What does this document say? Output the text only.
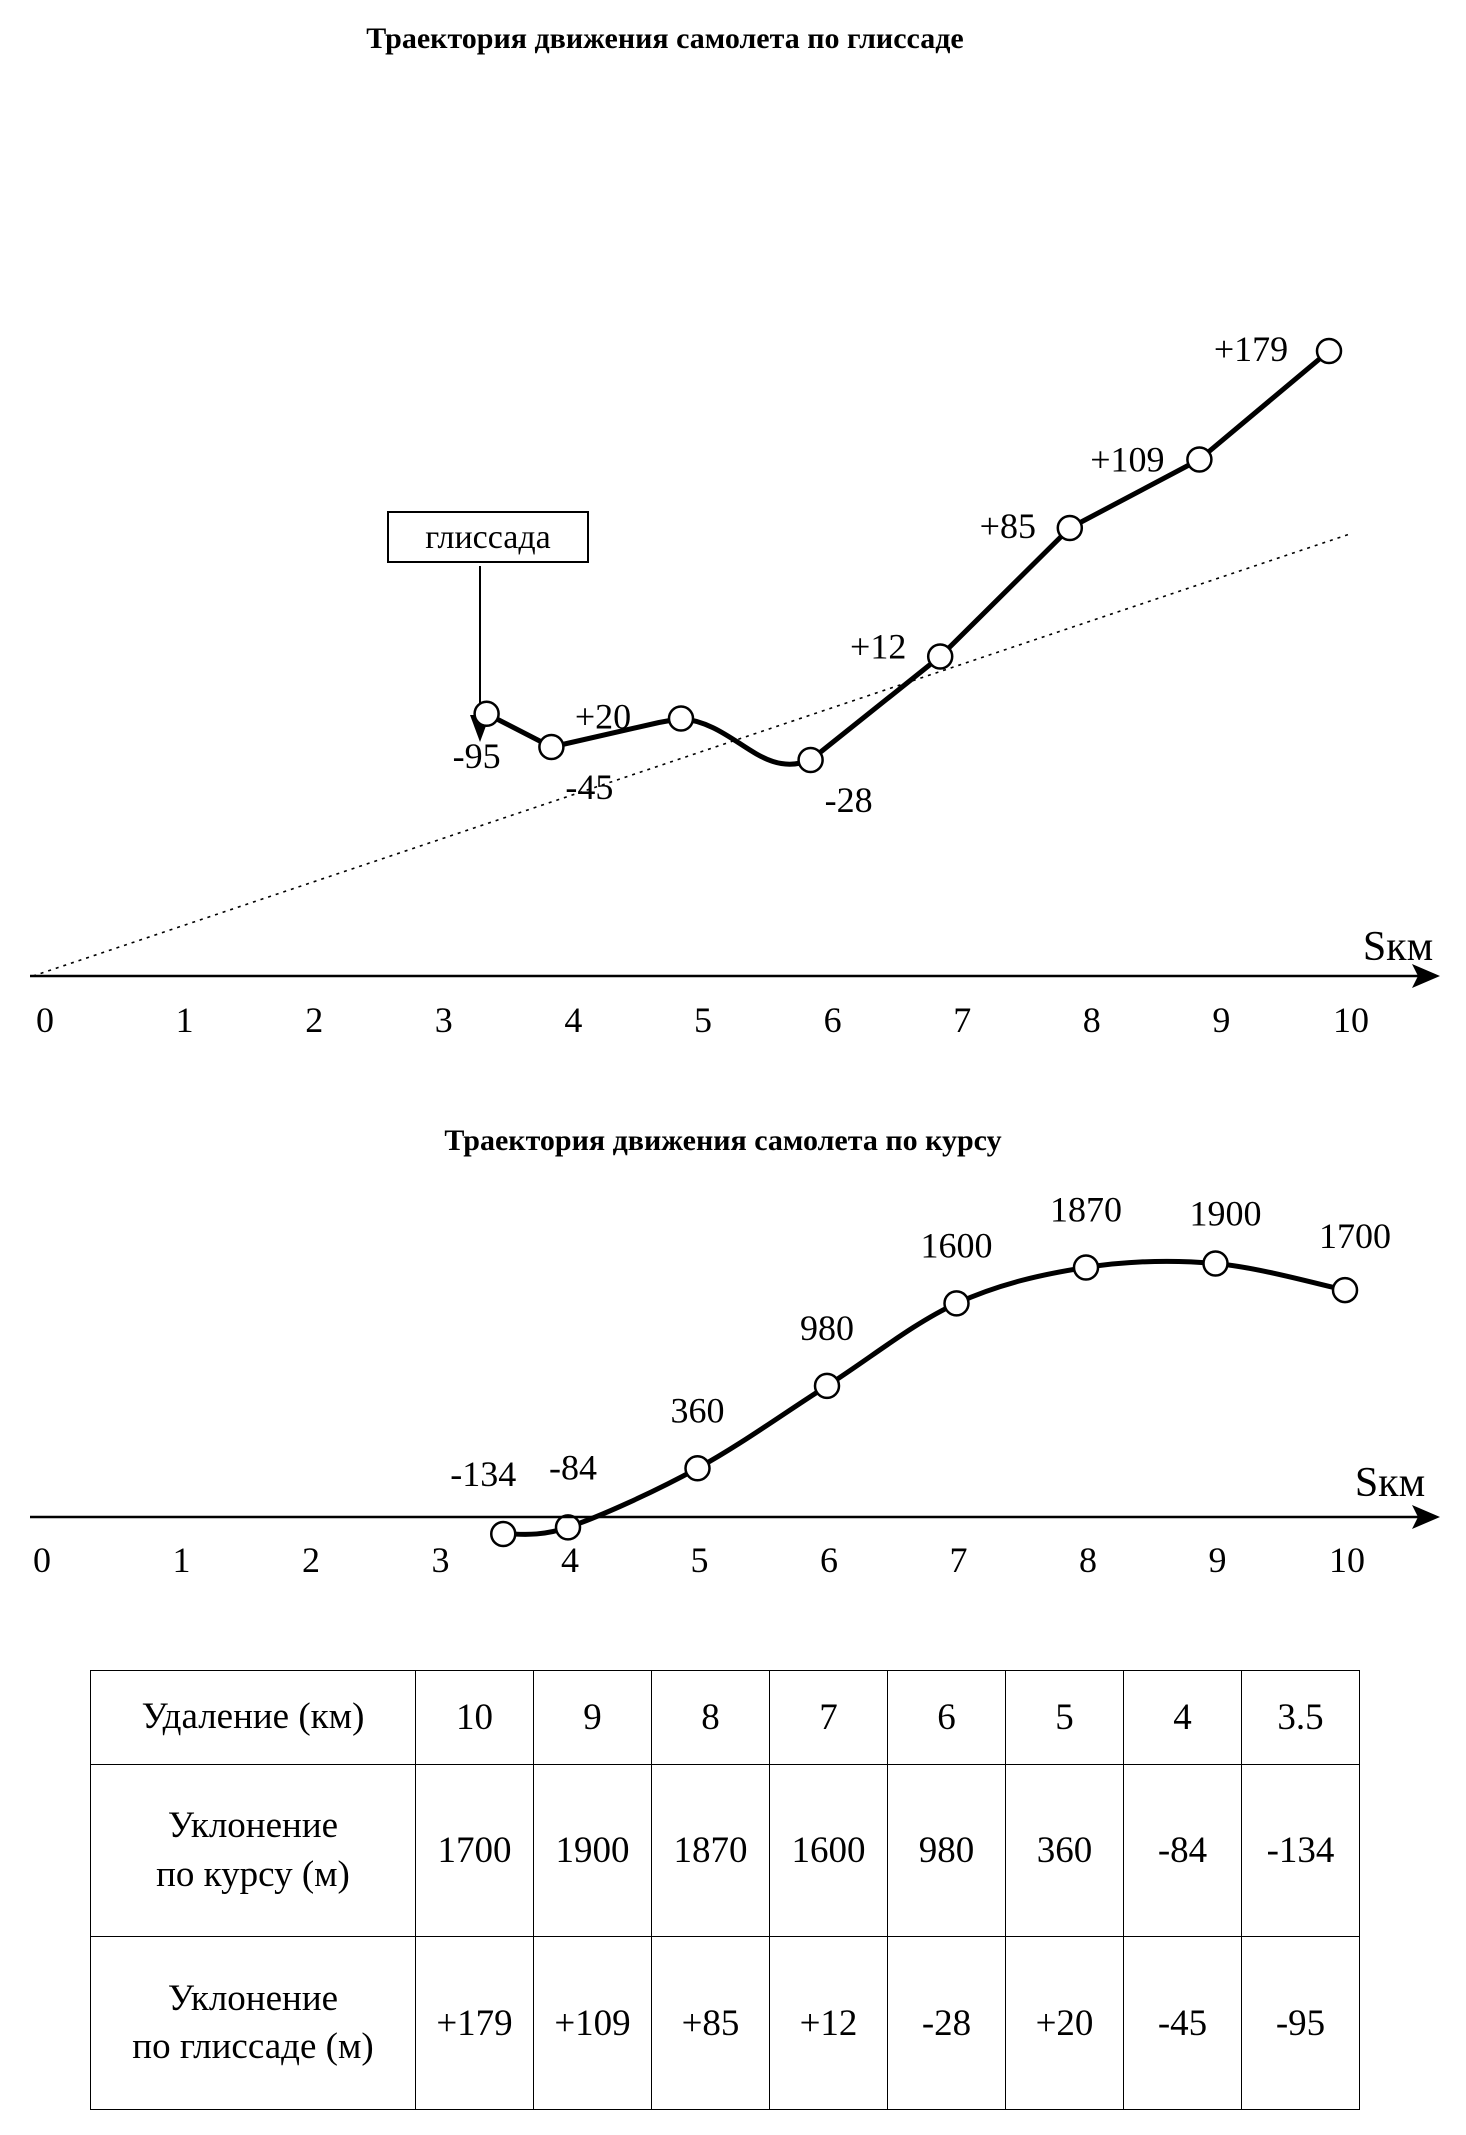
Траектория движения самолета по глиссаде
глиссада
-95
-45
+20
-28
+12
+85
+109
+179
Sкм
0	1	2	3	4	5	6	7	8	9	10
Траектория движения самолета по курсу
-134 -84
360
980
1600
1870 1900
1700
Sкм
0	1	2	3	4	5	6	7	8	9	10
Удаление (км)	10	9	8	7	6	5	4	3.5
Уклонение
по курсу (м)	1700	1900	1870	1600	980	360	-84	-134
Уклонение
по глиссаде (м)	+179	+109	+85	+12	-28	+20	-45	-95
